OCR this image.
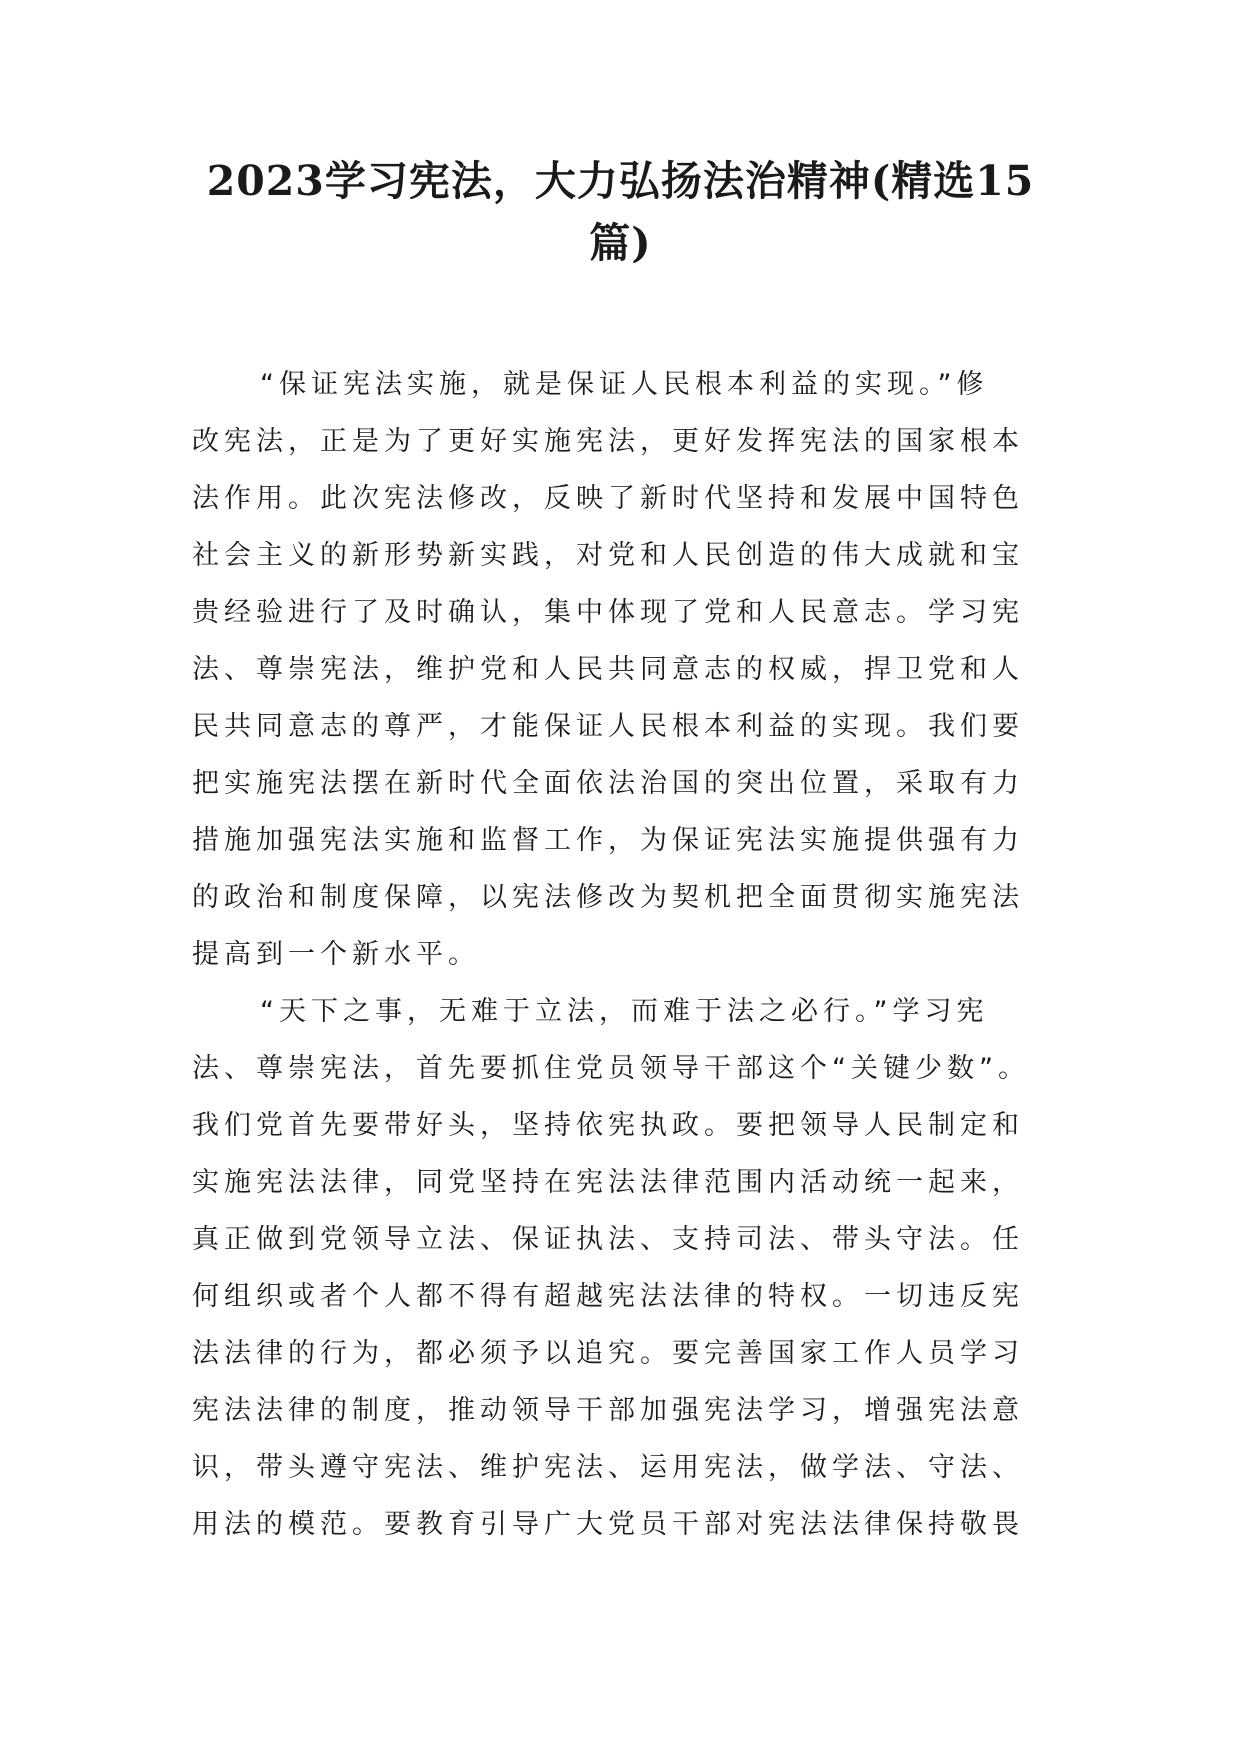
2023学习宪法，大力弘扬法治精神(精选15
篇)
“保证宪法实施，就是保证人民根本利益的实现。”修
改宪法，正是为了更好实施宪法，更好发挥宪法的国家根本
法作用。此次宪法修改，反映了新时代坚持和发展中国特色
社会主义的新形势新实践，对党和人民创造的伟大成就和宝
贵经验进行了及时确认，集中体现了党和人民意志。学习宪
法、尊崇宪法，维护党和人民共同意志的权威，捍卫党和人
民共同意志的尊严，才能保证人民根本利益的实现。我们要
把实施宪法摆在新时代全面依法治国的突出位置，采取有力
措施加强宪法实施和监督工作，为保证宪法实施提供强有力
的政治和制度保障，以宪法修改为契机把全面贯彻实施宪法
提高到一个新水平。
“天下之事，无难于立法，而难于法之必行。”学习宪
法、尊崇宪法，首先要抓住党员领导干部这个“关键少数”。
我们党首先要带好头，坚持依宪执政。要把领导人民制定和
实施宪法法律，同党坚持在宪法法律范围内活动统一起来，
真正做到党领导立法、保证执法、支持司法、带头守法。任
何组织或者个人都不得有超越宪法法律的特权。一切违反宪
法法律的行为，都必须予以追究。要完善国家工作人员学习
宪法法律的制度，推动领导干部加强宪法学习，增强宪法意
识，带头遵守宪法、维护宪法、运用宪法，做学法、守法、
用法的模范。要教育引导广大党员干部对宪法法律保持敬畏
